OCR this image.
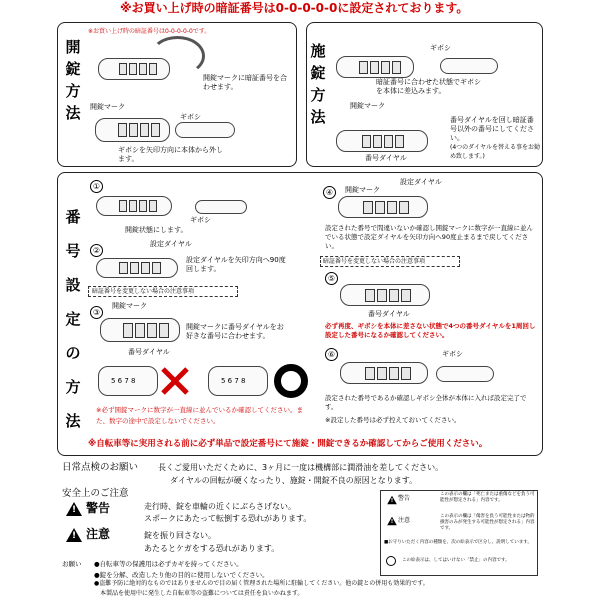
※お買い上げ時の暗証番号は0-0-0-0-0に設定されております。
開錠方法
※お買い上げ時の暗証番号は0-0-0-0-0です。
開錠マークに暗証番号を合わせます。
開錠マーク
ギボシ
ギボシを矢印方向に本体から外します。
施錠方法
ギボシ
暗証番号に合わせた状態でギボシを本体に差込みます。
開錠マーク
番号ダイヤルを回し暗証番号以外の番号にしてください。
(4つのダイヤルを替える事をお勧め致します。)
番号ダイヤル
番号設定の方法
①
ギボシ
開錠状態にします。
②
設定ダイヤル
設定ダイヤルを矢印方向へ90度回します。
暗証番号を変更しない場合の注意事項
③
開錠マーク
開錠マークに番号ダイヤルをお好きな番号に合わせます。
番号ダイヤル
5 6 7 8	5 6 7 8
※必ず開錠マークに数字が一直線に並んでいるか確認してください。また、数字の途中で設定しないでください。
④	開錠マーク
設定ダイヤル
設定された番号で間違いないか確認し開錠マークに数字が一直線に並んでいる状態で設定ダイヤルを矢印方向へ90度止まるまで戻してください。
暗証番号を変更しない場合の注意事項
⑤
番号ダイヤル
必ず再度、ギボシを本体に差さない状態で4つの番号ダイヤルを1周回し設定した番号になるか確認してください。
⑥	ギボシ
設定された番号であるか確認しギボシ全体が本体に入れば設定完了です。
※設定した番号は必ず控えておいてください。
※自転車等に実用される前に必ず単品で設定番号にて施錠・開錠できるか確認してからご使用ください。
日常点検のお願い 長くご愛用いただくために、3ヶ月に一度は機構部に潤滑油を差してください。
ダイヤルの回転が硬くなったり、施錠・開錠不良の原因となります。
安全上のご注意
!
警告	走行時、錠を車輪の近くにぶらさげない。
スポークにあたって転倒する恐れがあります。
!
注意	錠を振り回さない。
あたるとケガをする恐れがあります。
!
警告
この表示の欄は「死亡または重傷などを負う可能性が想定される」内容です。
!
注意
この表示の欄は「傷害を負う可能性または物的損害のみが発生する可能性が想定される」内容です。
■お守りいただく内容の種類を、次の絵表示で区分し、説明しています。
この絵表示は、してはいけない「禁止」の内容です。
お願い ●自転車等の保護用は必ずカギを持ってください。
●錠を分解、改造したり他の目的に使用しないでください。
●盗難予防に絶対的なものではありませんので目の届く管理された場所に駐輪してください。他の錠との併用も効果的です。
本製品を使用中に発生した自転車等の盗難については責任を負いかねます。
